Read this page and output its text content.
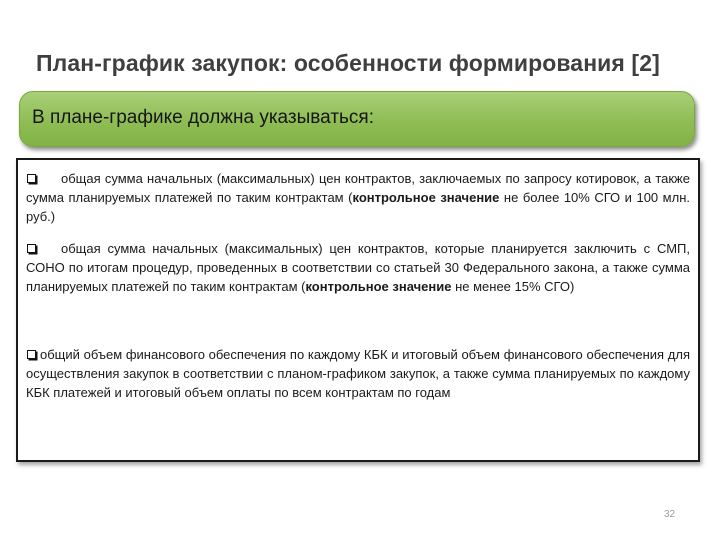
План-график закупок: особенности формирования [2]
В плане-графике должна указываться:
общая сумма начальных (максимальных) цен контрактов, заключаемых по запросу котировок, а также сумма планируемых платежей по таким контрактам (контрольное значение не более 10% СГО и 100 млн. руб.)
общая сумма начальных (максимальных) цен контрактов, которые планируется заключить с СМП, СОНО по итогам процедур, проведенных в соответствии со статьей 30 Федерального закона, а также сумма планируемых платежей по таким контрактам (контрольное значение не менее 15% СГО)
общий объем финансового обеспечения по каждому КБК и итоговый объем финансового обеспечения для осуществления закупок в соответствии с планом-графиком закупок, а также сумма планируемых по каждому КБК платежей и итоговый объем оплаты по всем контрактам по годам
32
